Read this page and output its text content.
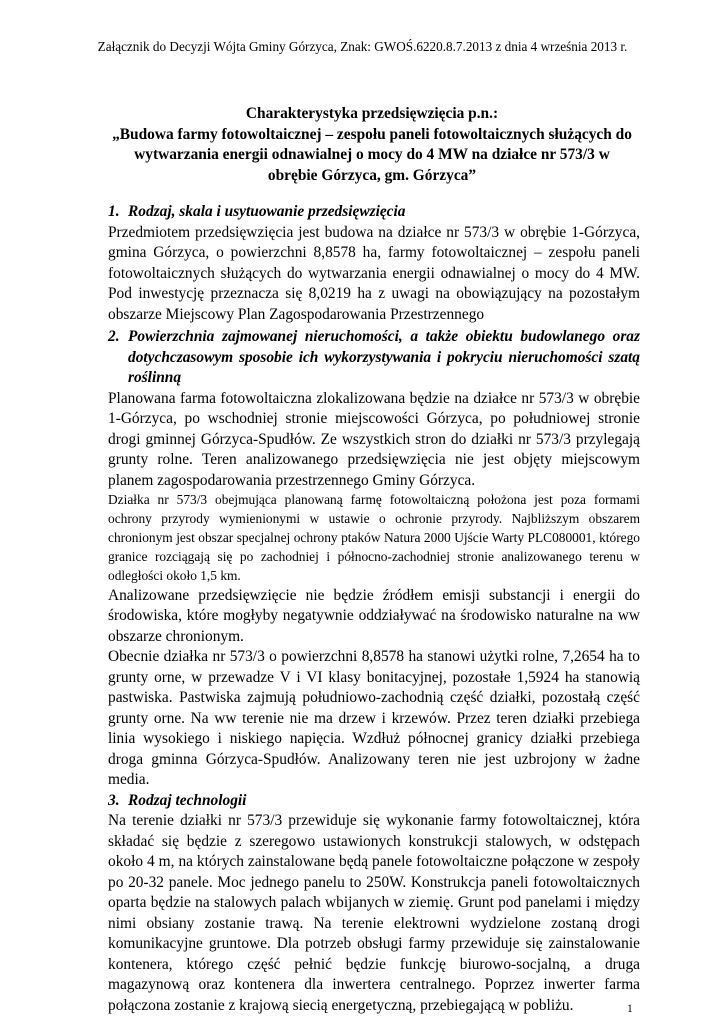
Załącznik do Decyzji Wójta Gminy Górzyca, Znak: GWOŚ.6220.8.7.2013 z dnia 4 września 2013 r.
Charakterystyka przedsięwzięcia p.n.:
„Budowa farmy fotowoltaicznej – zespołu paneli fotowoltaicznych służących do wytwarzania energii odnawialnej o mocy do 4 MW na działce nr 573/3 w obrębie Górzyca, gm. Górzyca”
1. Rodzaj, skala i usytuowanie przedsięwzięcia

Przedmiotem przedsięwzięcia jest budowa na działce nr 573/3 w obrębie 1-Górzyca, gmina Górzyca, o powierzchni 8,8578 ha, farmy fotowoltaicznej – zespołu paneli fotowoltaicznych służących do wytwarzania energii odnawialnej o mocy do 4 MW. Pod inwestycję przeznacza się 8,0219 ha z uwagi na obowiązujący na pozostałym obszarze Miejscowy Plan Zagospodarowania Przestrzennego

2. Powierzchnia zajmowanej nieruchomości, a także obiektu budowlanego oraz dotychczasowym sposobie ich wykorzystywania i pokryciu nieruchomości szatą roślinną

Planowana farma fotowoltaiczna zlokalizowana będzie na działce nr 573/3 w obrębie 1-Górzyca, po wschodniej stronie miejscowości Górzyca, po południowej stronie drogi gminnej Górzyca-Spudłów. Ze wszystkich stron do działki nr 573/3 przylegają grunty rolne. Teren analizowanego przedsięwzięcia nie jest objęty miejscowym planem zagospodarowania przestrzennego Gminy Górzyca.

Działka nr 573/3 obejmująca planowaną farmę fotowoltaiczną położona jest poza formami ochrony przyrody wymienionymi w ustawie o ochronie przyrody. Najbliższym obszarem chronionym jest obszar specjalnej ochrony ptaków Natura 2000 Ujście Warty PLC080001, którego granice rozciągają się po zachodniej i północno-zachodniej stronie analizowanego terenu w odległości około 1,5 km.

Analizowane przedsięwzięcie nie będzie źródłem emisji substancji i energii do środowiska, które mogłyby negatywnie oddziaływać na środowisko naturalne na ww obszarze chronionym.

Obecnie działka nr 573/3 o powierzchni 8,8578 ha stanowi użytki rolne, 7,2654 ha to grunty orne, w przewadze V i VI klasy bonitacyjnej, pozostałe 1,5924 ha stanowią pastwiska. Pastwiska zajmują południowo-zachodnią część działki, pozostałą część grunty orne. Na ww terenie nie ma drzew i krzewów. Przez teren działki przebiega linia wysokiego i niskiego napięcia. Wzdłuż północnej granicy działki przebiega droga gminna Górzyca-Spudłów. Analizowany teren nie jest uzbrojony w żadne media.

3. Rodzaj technologii

Na terenie działki nr 573/3 przewiduje się wykonanie farmy fotowoltaicznej, która składać się będzie z szeregowo ustawionych konstrukcji stalowych, w odstępach około 4 m, na których zainstalowane będą panele fotowoltaiczne połączone w zespoły po 20-32 panele. Moc jednego panelu to 250W. Konstrukcja paneli fotowoltaicznych oparta będzie na stalowych palach wbijanych w ziemię. Grunt pod panelami i między nimi obsiany zostanie trawą. Na terenie elektrowni wydzielone zostaną drogi komunikacyjne gruntowe. Dla potrzeb obsługi farmy przewiduje się zainstalowanie kontenera, którego część pełnić będzie funkcję biurowo-socjalną, a druga magazynową oraz kontenera dla inwertera centralnego. Poprzez inwerter farma połączona zostanie z krajową siecią energetyczną, przebiegającą w pobliżu.	1
